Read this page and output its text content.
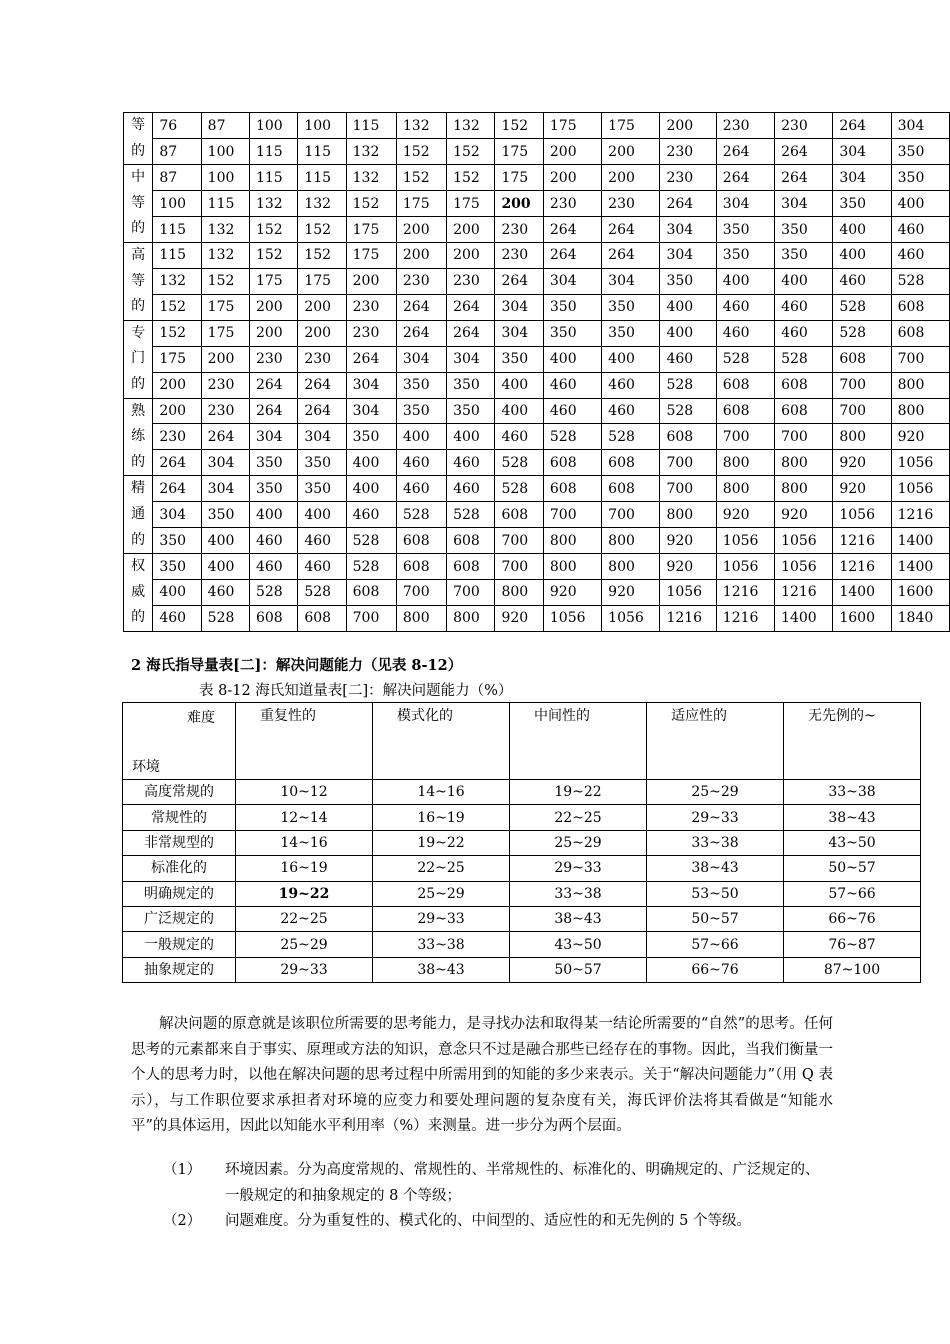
等
的	76	87	100	100	115	132	132	152	175	175	200	230	230	264	304
	87	100	115	115	132	152	152	175	200	200	230	264	264	304	350

中
等
的	87	100	115	115	132	152	152	175	200	200	230	264	264	304	350
	100	115	132	132	152	175	175	200	230	230	264	304	304	350	400
	115	132	152	152	175	200	200	230	264	264	304	350	350	400	460

高
等
的	115	132	152	152	175	200	200	230	264	264	304	350	350	400	460
	132	152	175	175	200	230	230	264	304	304	350	400	400	460	528
	152	175	200	200	230	264	264	304	350	350	400	460	460	528	608

专
门
的	152	175	200	200	230	264	264	304	350	350	400	460	460	528	608
	175	200	230	230	264	304	304	350	400	400	460	528	528	608	700
	200	230	264	264	304	350	350	400	460	460	528	608	608	700	800

熟
练
的	200	230	264	264	304	350	350	400	460	460	528	608	608	700	800
	230	264	304	304	350	400	400	460	528	528	608	700	700	800	920
	264	304	350	350	400	460	460	528	608	608	700	800	800	920	1056

精
通
的	264	304	350	350	400	460	460	528	608	608	700	800	800	920	1056
	304	350	400	400	460	528	528	608	700	700	800	920	920	1056	1216
	350	400	460	460	528	608	608	700	800	800	920	1056	1056	1216	1400

权
威
的	350	400	460	460	528	608	608	700	800	800	920	1056	1056	1216	1400
	400	460	528	528	608	700	700	800	920	920	1056	1216	1216	1400	1600
	460	528	608	608	700	800	800	920	1056	1056	1216	1216	1400	1600	1840
2 海氏指导量表[二]：解决问题能力（见表 8-12）
表 8-12 海氏知道量表[二]：解决问题能力（%）
难度
环境	重复性的	模式化的	中间性的	适应性的	无先例的~
高度常规的	10~12	14~16	19~22	25~29	33~38
常规性的	12~14	16~19	22~25	29~33	38~43
非常规型的	14~16	19~22	25~29	33~38	43~50
标准化的	16~19	22~25	29~33	38~43	50~57
明确规定的	19~22	25~29	33~38	53~50	57~66
广泛规定的	22~25	29~33	38~43	50~57	66~76
一般规定的	25~29	33~38	43~50	57~66	76~87
抽象规定的	29~33	38~43	50~57	66~76	87~100
解决问题的原意就是该职位所需要的思考能力，是寻找办法和取得某一结论所需要的“自然”的思考。任何思考的元素都来自于事实、原理或方法的知识，意念只不过是融合那些已经存在的事物。因此，当我们衡量一个人的思考力时，以他在解决问题的思考过程中所需用到的知能的多少来表示。关于“解决问题能力”（用 Q 表示），与工作职位要求承担者对环境的应变力和要处理问题的复杂度有关，海氏评价法将其看做是“知能水平”的具体运用，因此以知能水平利用率（%）来测量。进一步分为两个层面。
（1） 环境因素。分为高度常规的、常规性的、半常规性的、标准化的、明确规定的、广泛规定的、一般规定的和抽象规定的 8 个等级；
（2） 问题难度。分为重复性的、模式化的、中间型的、适应性的和无先例的 5 个等级。
